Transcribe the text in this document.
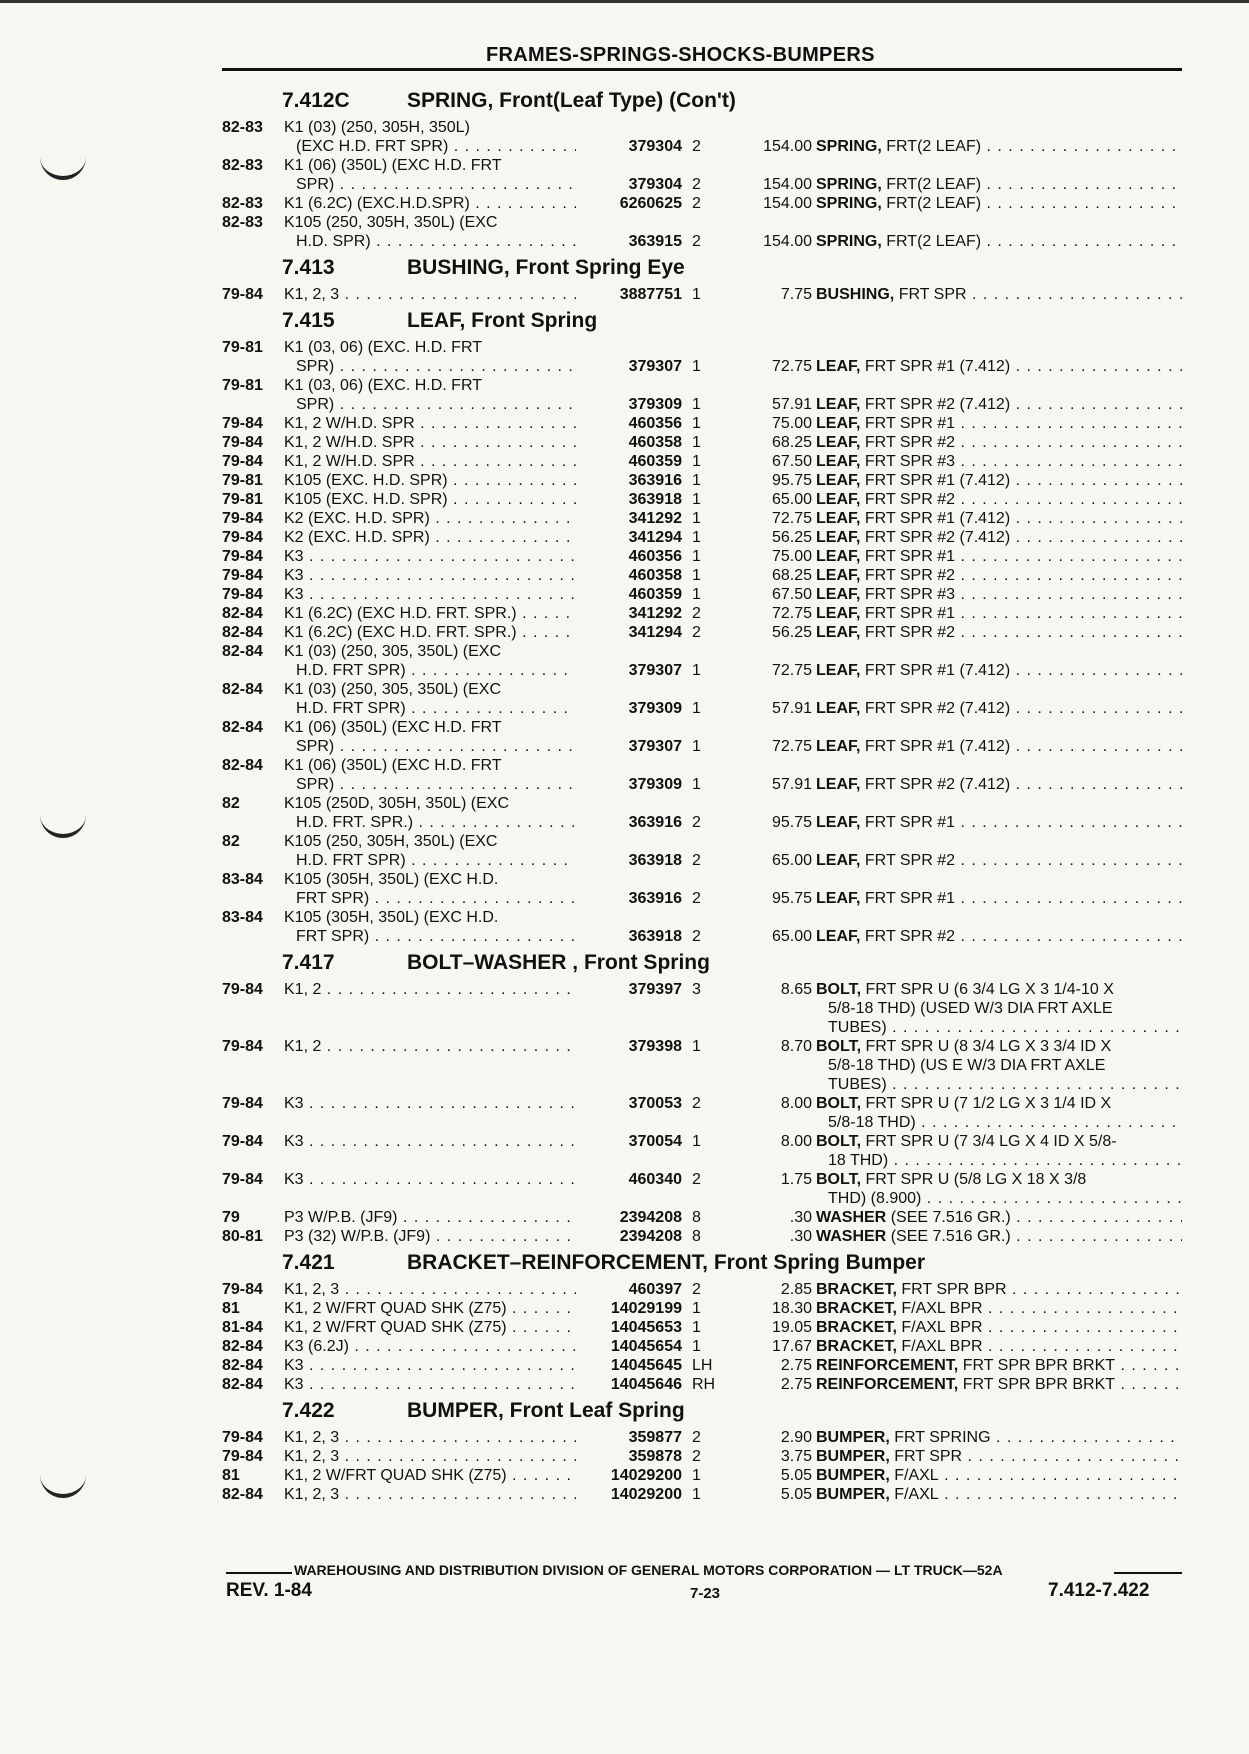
FRAMES-SPRINGS-SHOCKS-BUMPERS
7.412C	SPRING, Front(Leaf Type) (Con't)
82-83	K1 (03) (250, 305H, 350L)
(EXC H.D. FRT SPR) . . .	379304 2	154.00 SPRING, FRT(2 LEAF) . . .
82-83	K1 (06) (350L) (EXC H.D. FRT
SPR) . . .	379304 2	154.00 SPRING, FRT(2 LEAF) . . .
82-83	K1 (6.2C) (EXC.H.D.SPR) . . .	6260625 2	154.00 SPRING, FRT(2 LEAF) . . .
82-83	K105 (250, 305H, 350L) (EXC
H.D. SPR) . . .	363915 2	154.00 SPRING, FRT(2 LEAF) . . .
7.413	BUSHING, Front Spring Eye
79-84	K1, 2, 3 . . .	3887751 1	7.75 BUSHING, FRT SPR . . .
7.415	LEAF, Front Spring
79-81	K1 (03, 06) (EXC. H.D. FRT
SPR) . . .	379307 1	72.75 LEAF, FRT SPR #1 (7.412) . . .
79-81	K1 (03, 06) (EXC. H.D. FRT
SPR) . . .	379309 1	57.91 LEAF, FRT SPR #2 (7.412) . . .
79-84	K1, 2 W/H.D. SPR . . .	460356 1	75.00 LEAF, FRT SPR #1 . . .
79-84	K1, 2 W/H.D. SPR . . .	460358 1	68.25 LEAF, FRT SPR #2 . . .
79-84	K1, 2 W/H.D. SPR . . .	460359 1	67.50 LEAF, FRT SPR #3 . . .
79-81	K105 (EXC. H.D. SPR) . . .	363916 1	95.75 LEAF, FRT SPR #1 (7.412) . . .
79-81	K105 (EXC. H.D. SPR) . . .	363918 1	65.00 LEAF, FRT SPR #2 . . .
79-84	K2 (EXC. H.D. SPR) . . .	341292 1	72.75 LEAF, FRT SPR #1 (7.412) . . .
79-84	K2 (EXC. H.D. SPR) . . .	341294 1	56.25 LEAF, FRT SPR #2 (7.412) . . .
79-84	K3 . . .	460356 1	75.00 LEAF, FRT SPR #1 . . .
79-84	K3 . . .	460358 1	68.25 LEAF, FRT SPR #2 . . .
79-84	K3 . . .	460359 1	67.50 LEAF, FRT SPR #3 . . .
82-84	K1 (6.2C) (EXC H.D. FRT. SPR.) . . .	341292 2	72.75 LEAF, FRT SPR #1 . . .
82-84	K1 (6.2C) (EXC H.D. FRT. SPR.) . . .	341294 2	56.25 LEAF, FRT SPR #2 . . .
82-84	K1 (03) (250, 305, 350L) (EXC
H.D. FRT SPR) . . .	379307 1	72.75 LEAF, FRT SPR #1 (7.412) . . .
82-84	K1 (03) (250, 305, 350L) (EXC
H.D. FRT SPR) . . .	379309 1	57.91 LEAF, FRT SPR #2 (7.412) . . .
82-84	K1 (06) (350L) (EXC H.D. FRT
SPR) . . .	379307 1	72.75 LEAF, FRT SPR #1 (7.412) . . .
82-84	K1 (06) (350L) (EXC H.D. FRT
SPR) . . .	379309 1	57.91 LEAF, FRT SPR #2 (7.412) . . .
82	K105 (250D, 305H, 350L) (EXC
H.D. FRT. SPR.) . . .	363916 2	95.75 LEAF, FRT SPR #1 . . .
82	K105 (250, 305H, 350L) (EXC
H.D. FRT SPR) . . .	363918 2	65.00 LEAF, FRT SPR #2 . . .
83-84	K105 (305H, 350L) (EXC H.D.
FRT SPR) . . .	363916 2	95.75 LEAF, FRT SPR #1 . . .
83-84	K105 (305H, 350L) (EXC H.D.
FRT SPR) . . .	363918 2	65.00 LEAF, FRT SPR #2 . . .
7.417	BOLT–WASHER , Front Spring
79-84	K1, 2 . . .	379397 3	8.65 BOLT, FRT SPR U (6 3/4 LG X 3 1/4-10 X
5/8-18 THD) (USED W/3 DIA FRT AXLE
TUBES) . . .
79-84	K1, 2 . . .	379398 1	8.70 BOLT, FRT SPR U (8 3/4 LG X 3 3/4 ID X
5/8-18 THD) (US E W/3 DIA FRT AXLE
TUBES) . . .
79-84	K3 . . .	370053 2	8.00 BOLT, FRT SPR U (7 1/2 LG X 3 1/4 ID X
5/8-18 THD) . . .
79-84	K3 . . .	370054 1	8.00 BOLT, FRT SPR U (7 3/4 LG X 4 ID X 5/8-
18 THD) . . .
79-84	K3 . . .	460340 2	1.75 BOLT, FRT SPR U (5/8 LG X 18 X 3/8
THD) (8.900) . . .
79	P3 W/P.B. (JF9) . . .	2394208 8	.30 WASHER (SEE 7.516 GR.) . . .
80-81	P3 (32) W/P.B. (JF9) . . .	2394208 8	.30 WASHER (SEE 7.516 GR.) . . .
7.421	BRACKET–REINFORCEMENT, Front Spring Bumper
79-84	K1, 2, 3 . . .	460397 2	2.85 BRACKET, FRT SPR BPR . . .
81	K1, 2 W/FRT QUAD SHK (Z75) . . .	14029199 1	18.30 BRACKET, F/AXL BPR . . .
81-84	K1, 2 W/FRT QUAD SHK (Z75) . . .	14045653 1	19.05 BRACKET, F/AXL BPR . . .
82-84	K3 (6.2J) . . .	14045654 1	17.67 BRACKET, F/AXL BPR . . .
82-84	K3 . . .	14045645 LH	2.75 REINFORCEMENT, FRT SPR BPR BRKT . . .
82-84	K3 . . .	14045646 RH	2.75 REINFORCEMENT, FRT SPR BPR BRKT . . .
7.422	BUMPER, Front Leaf Spring
79-84	K1, 2, 3 . . .	359877 2	2.90 BUMPER, FRT SPRING . . .
79-84	K1, 2, 3 . . .	359878 2	3.75 BUMPER, FRT SPR . . .
81	K1, 2 W/FRT QUAD SHK (Z75) . . .	14029200 1	5.05 BUMPER, F/AXL . . .
82-84	K1, 2, 3 . . .	14029200 1	5.05 BUMPER, F/AXL . . .
WAREHOUSING AND DISTRIBUTION DIVISION OF GENERAL MOTORS CORPORATION — LT TRUCK—52A
REV. 1-84	7-23	7.412-7.422
